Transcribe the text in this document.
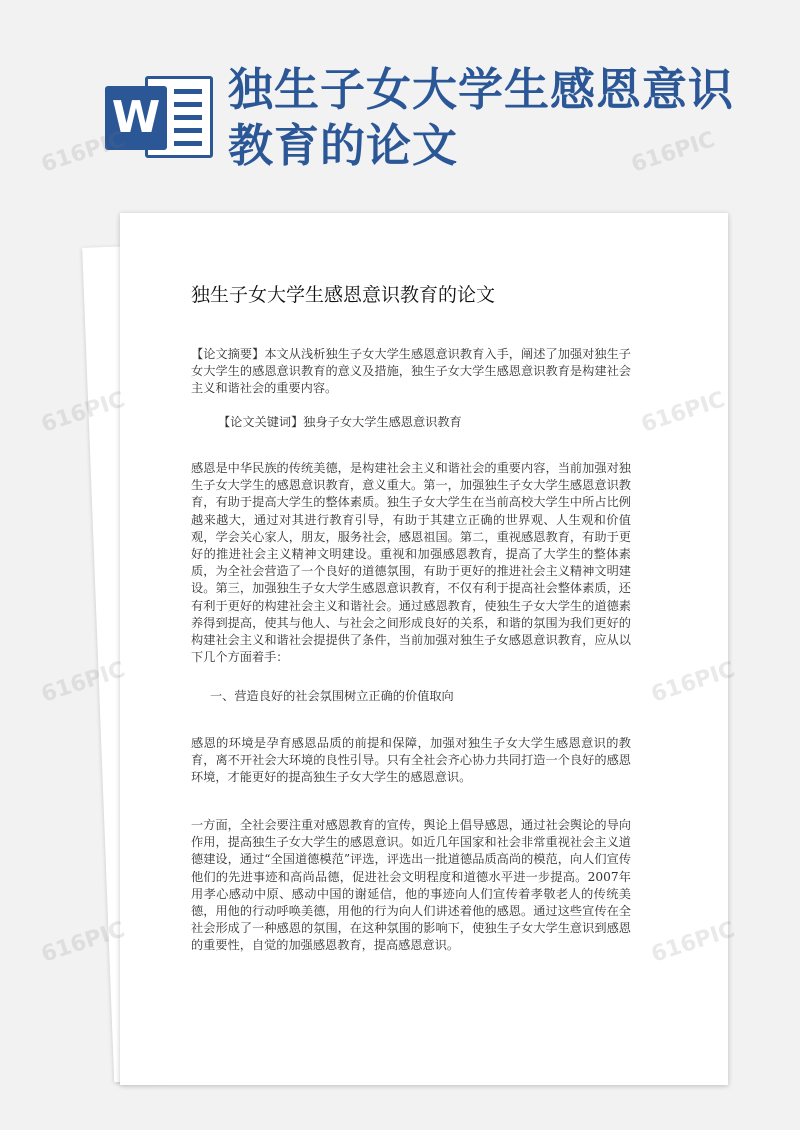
W
独生子女大学生感恩意识教育的论文
独生子女大学生感恩意识教育的论文
【论文摘要】本文从浅析独生子女大学生感恩意识教育入手，阐述了加强对独生子女大学生的感恩意识教育的意义及措施，独生子女大学生感恩意识教育是构建社会主义和谐社会的重要内容。
【论文关键词】独身子女大学生感恩意识教育
感恩是中华民族的传统美德，是构建社会主义和谐社会的重要内容，当前加强对独生子女大学生的感恩意识教育，意义重大。第一，加强独生子女大学生感恩意识教育，有助于提高大学生的整体素质。独生子女大学生在当前高校大学生中所占比例越来越大，通过对其进行教育引导，有助于其建立正确的世界观、人生观和价值观，学会关心家人，朋友，服务社会，感恩祖国。第二，重视感恩教育，有助于更好的推进社会主义精神文明建设。重视和加强感恩教育，提高了大学生的整体素质，为全社会营造了一个良好的道德氛围，有助于更好的推进社会主义精神文明建设。第三，加强独生子女大学生感恩意识教育，不仅有利于提高社会整体素质，还有利于更好的构建社会主义和谐社会。通过感恩教育，使独生子女大学生的道德素养得到提高，使其与他人、与社会之间形成良好的关系，和谐的氛围为我们更好的构建社会主义和谐社会提提供了条件，当前加强对独生子女感恩意识教育，应从以下几个方面着手：
一、营造良好的社会氛围树立正确的价值取向
感恩的环境是孕育感恩品质的前提和保障，加强对独生子女大学生感恩意识的教育，离不开社会大环境的良性引导。只有全社会齐心协力共同打造一个良好的感恩环境，才能更好的提高独生子女大学生的感恩意识。
一方面，全社会要注重对感恩教育的宣传，舆论上倡导感恩，通过社会舆论的导向作用，提高独生子女大学生的感恩意识。如近几年国家和社会非常重视社会主义道德建设，通过“全国道德模范”评选，评选出一批道德品质高尚的模范，向人们宣传他们的先进事迹和高尚品德，促进社会文明程度和道德水平进一步提高。2007年用孝心感动中原、感动中国的谢延信，他的事迹向人们宣传着孝敬老人的传统美德，用他的行动呼唤美德，用他的行为向人们讲述着他的感恩。通过这些宣传在全社会形成了一种感恩的氛围，在这种氛围的影响下，使独生子女大学生意识到感恩的重要性，自觉的加强感恩教育，提高感恩意识。
616PIC	616PIC
616PIC
616PIC
616PIC
